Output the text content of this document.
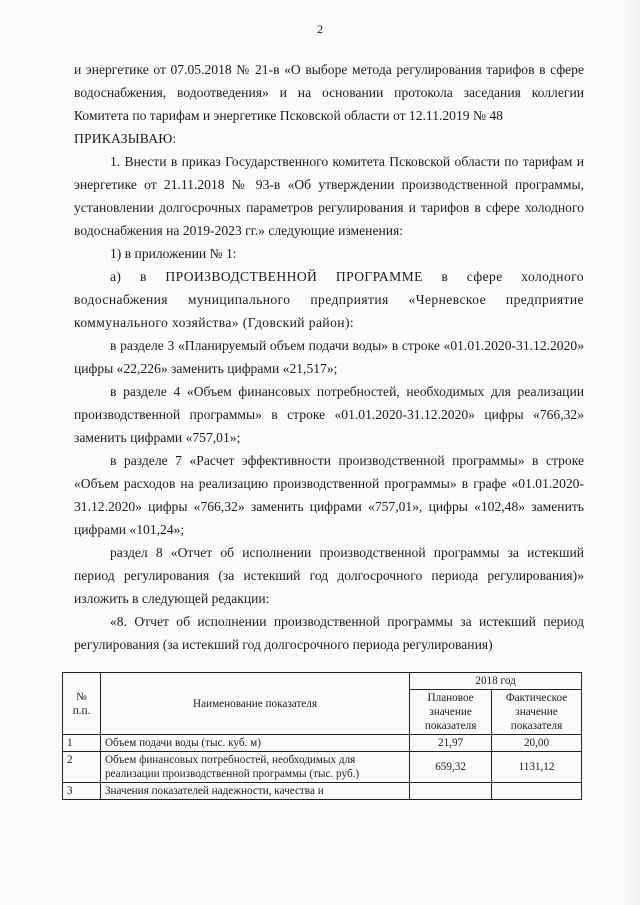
2

и энергетике от 07.05.2018 № 21-в «О выборе метода регулирования тарифов в сфере водоснабжения, водоотведения» и на основании протокола заседания коллегии Комитета по тарифам и энергетике Псковской области от 12.11.2019 № 48

ПРИКАЗЫВАЮ:

1. Внести в приказ Государственного комитета Псковской области по тарифам и энергетике от 21.11.2018 № 93-в «Об утверждении производственной программы, установлении долгосрочных параметров регулирования и тарифов в сфере холодного водоснабжения на 2019-2023 гг.» следующие изменения:

1) в приложении № 1:

а) в ПРОИЗВОДСТВЕННОЙ ПРОГРАММЕ в сфере холодного водоснабжения муниципального предприятия «Черневское предприятие коммунального хозяйства» (Гдовский район):

в разделе 3 «Планируемый объем подачи воды» в строке «01.01.2020-31.12.2020» цифры «22,226» заменить цифрами «21,517»;

в разделе 4 «Объем финансовых потребностей, необходимых для реализации производственной программы» в строке «01.01.2020-31.12.2020» цифры «766,32» заменить цифрами «757,01»;

в разделе 7 «Расчет эффективности производственной программы» в строке «Объем расходов на реализацию производственной программы» в графе «01.01.2020-31.12.2020» цифры «766,32» заменить цифрами «757,01», цифры «102,48» заменить цифрами «101,24»;

раздел 8 «Отчет об исполнении производственной программы за истекший период регулирования (за истекший год долгосрочного периода регулирования)» изложить в следующей редакции:

«8. Отчет об исполнении производственной программы за истекший период регулирования (за истекший год долгосрочного периода регулирования)

№ п.п.	Наименование показателя	2018 год	
		Плановое значение показателя	Фактическое значение показателя
1	Объем подачи воды (тыс. куб. м)	21,97	20,00
2	Объем финансовых потребностей, необходимых для реализации производственной программы (тыс. руб.)	659,32	1131,12
3	Значения показателей надежности, качества и		
